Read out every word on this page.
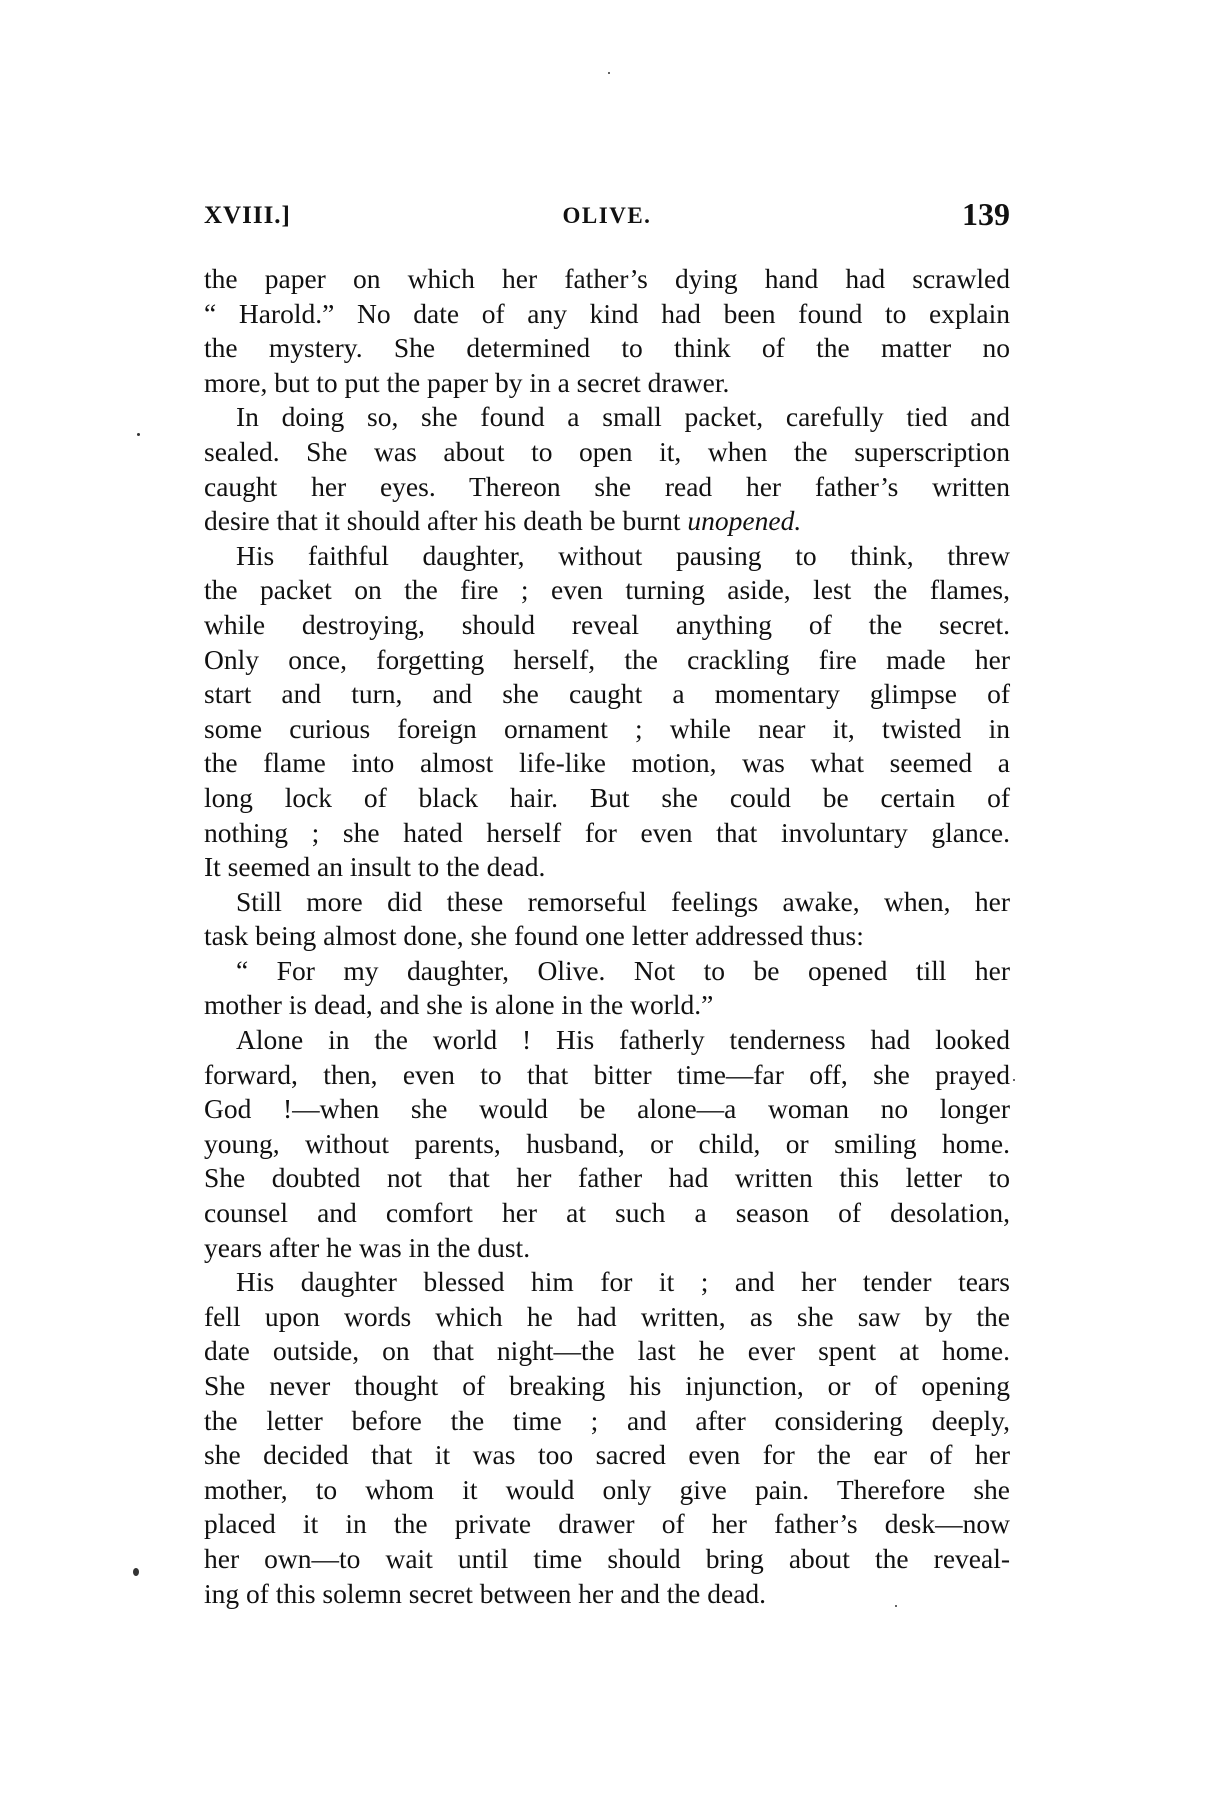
XVIII.]	OLIVE.	139
the paper on which her father’s dying hand had scrawled
“ Harold.” No date of any kind had been found to explain
the mystery. She determined to think of the matter no
more, but to put the paper by in a secret drawer.
In doing so, she found a small packet, carefully tied and
sealed. She was about to open it, when the superscription
caught her eyes. Thereon she read her father’s written
desire that it should after his death be burnt unopened.
His faithful daughter, without pausing to think, threw
the packet on the fire ; even turning aside, lest the flames,
while destroying, should reveal anything of the secret.
Only once, forgetting herself, the crackling fire made her
start and turn, and she caught a momentary glimpse of
some curious foreign ornament ; while near it, twisted in
the flame into almost life-like motion, was what seemed a
long lock of black hair. But she could be certain of
nothing ; she hated herself for even that involuntary glance.
It seemed an insult to the dead.
Still more did these remorseful feelings awake, when, her
task being almost done, she found one letter addressed thus:
“ For my daughter, Olive. Not to be opened till her
mother is dead, and she is alone in the world.”
Alone in the world ! His fatherly tenderness had looked
forward, then, even to that bitter time—far off, she prayed
God !—when she would be alone—a woman no longer
young, without parents, husband, or child, or smiling home.
She doubted not that her father had written this letter to
counsel and comfort her at such a season of desolation,
years after he was in the dust.
His daughter blessed him for it ; and her tender tears
fell upon words which he had written, as she saw by the
date outside, on that night—the last he ever spent at home.
She never thought of breaking his injunction, or of opening
the letter before the time ; and after considering deeply,
she decided that it was too sacred even for the ear of her
mother, to whom it would only give pain. Therefore she
placed it in the private drawer of her father’s desk—now
her own—to wait until time should bring about the reveal-
ing of this solemn secret between her and the dead.
